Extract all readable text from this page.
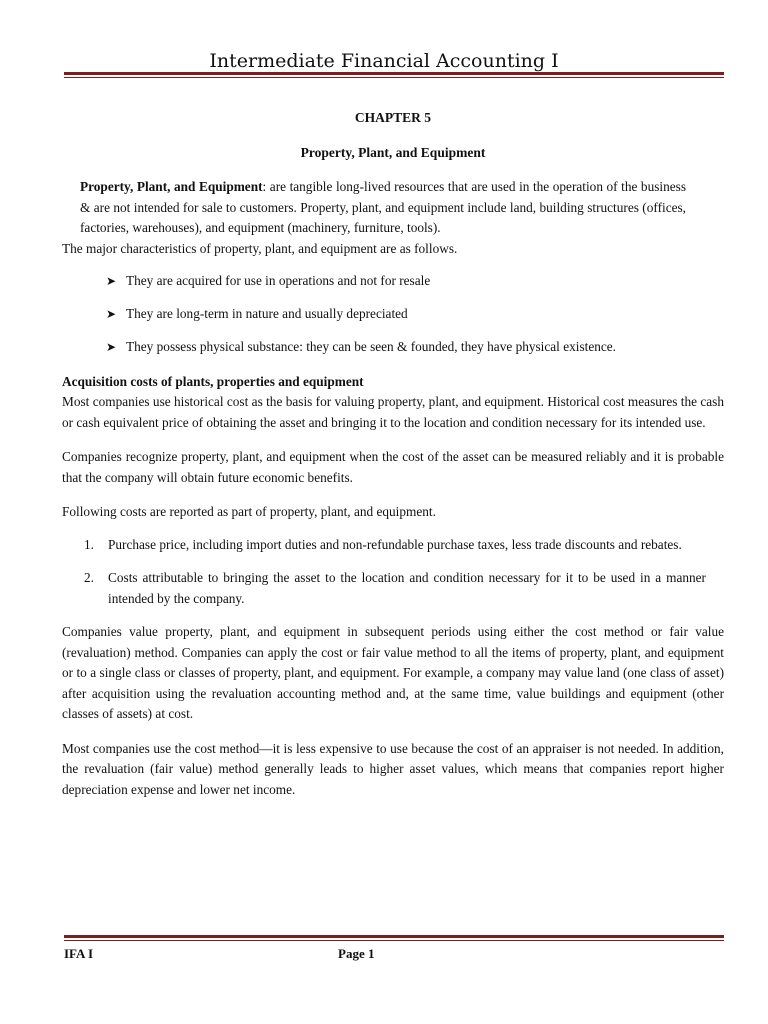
Intermediate Financial Accounting I
CHAPTER 5
Property, Plant, and Equipment

Property, Plant, and Equipment: are tangible long-lived resources that are used in the operation of the business & are not intended for sale to customers. Property, plant, and equipment include land, building structures (offices, factories, warehouses), and equipment (machinery, furniture, tools).

The major characteristics of property, plant, and equipment are as follows.

➤ They are acquired for use in operations and not for resale
➤ They are long-term in nature and usually depreciated
➤ They possess physical substance: they can be seen & founded, they have physical existence.
Acquisition costs of plants, properties and equipment

Most companies use historical cost as the basis for valuing property, plant, and equipment. Historical cost measures the cash or cash equivalent price of obtaining the asset and bringing it to the location and condition necessary for its intended use.

Companies recognize property, plant, and equipment when the cost of the asset can be measured reliably and it is probable that the company will obtain future economic benefits.

Following costs are reported as part of property, plant, and equipment.

1. Purchase price, including import duties and non-refundable purchase taxes, less trade discounts and rebates.
2. Costs attributable to bringing the asset to the location and condition necessary for it to be used in a manner intended by the company.

Companies value property, plant, and equipment in subsequent periods using either the cost method or fair value (revaluation) method. Companies can apply the cost or fair value method to all the items of property, plant, and equipment or to a single class or classes of property, plant, and equipment. For example, a company may value land (one class of asset) after acquisition using the revaluation accounting method and, at the same time, value buildings and equipment (other classes of assets) at cost.

Most companies use the cost method—it is less expensive to use because the cost of an appraiser is not needed. In addition, the revaluation (fair value) method generally leads to higher asset values, which means that companies report higher depreciation expense and lower net income.

IFA I	Page 1
